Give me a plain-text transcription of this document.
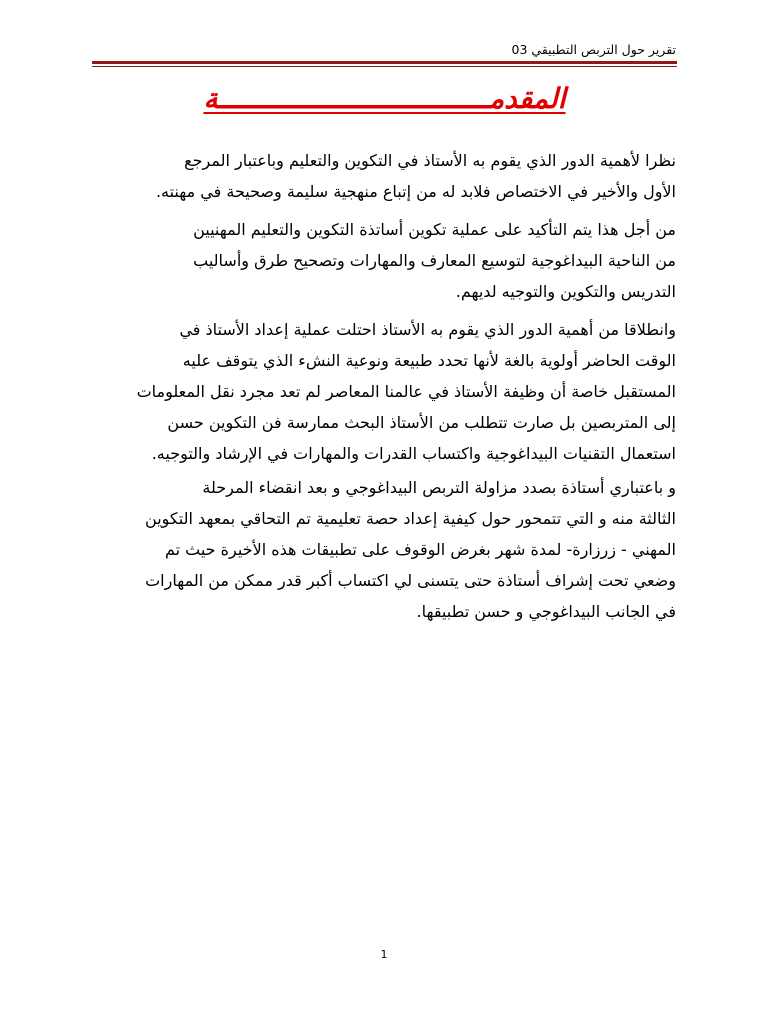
تقرير حول التربص التطبيقي 03
المقدمـــــــــــــــــــــــــــــــــة
نظرا لأهمية الدور الذي يقوم به الأستاذ في التكوين والتعليم وباعتبار المرجع
الأول والأخير في الاختصاص فلابد له من إتباع منهجية سليمة وصحيحة في مهنته.
من أجل هذا يتم التأكيد على عملية تكوين أساتذة التكوين والتعليم المهنيين
من الناحية البيداغوجية لتوسيع المعارف والمهارات وتصحيح طرق وأساليب
التدريس والتكوين والتوجيه لديهم.
وانطلاقا من أهمية الدور الذي يقوم به الأستاذ احتلت عملية إعداد الأستاذ في
الوقت الحاضر أولوية بالغة لأنها تحدد طبيعة ونوعية النشء الذي يتوقف عليه
المستقبل خاصة أن وظيفة الأستاذ في عالمنا المعاصر لم تعد مجرد نقل المعلومات
إلى المتربصين بل صارت تتطلب من الأستاذ البحث ممارسة فن التكوين حسن
استعمال التقنيات البيداغوجية واكتساب القدرات والمهارات في الإرشاد والتوجيه.
و باعتباري أستاذة بصدد مزاولة التربص البيداغوجي و بعد انقضاء المرحلة
الثالثة منه و التي تتمحور حول كيفية إعداد حصة تعليمية تم التحاقي بمعهد التكوين
المهني - زرزارة- لمدة شهر بغرض الوقوف على تطبيقات هذه الأخيرة حيث تم
وضعي تحت إشراف أستاذة حتى يتسنى لي اكتساب أكبر قدر ممكن من المهارات
في الجانب البيداغوجي و حسن تطبيقها.
1
